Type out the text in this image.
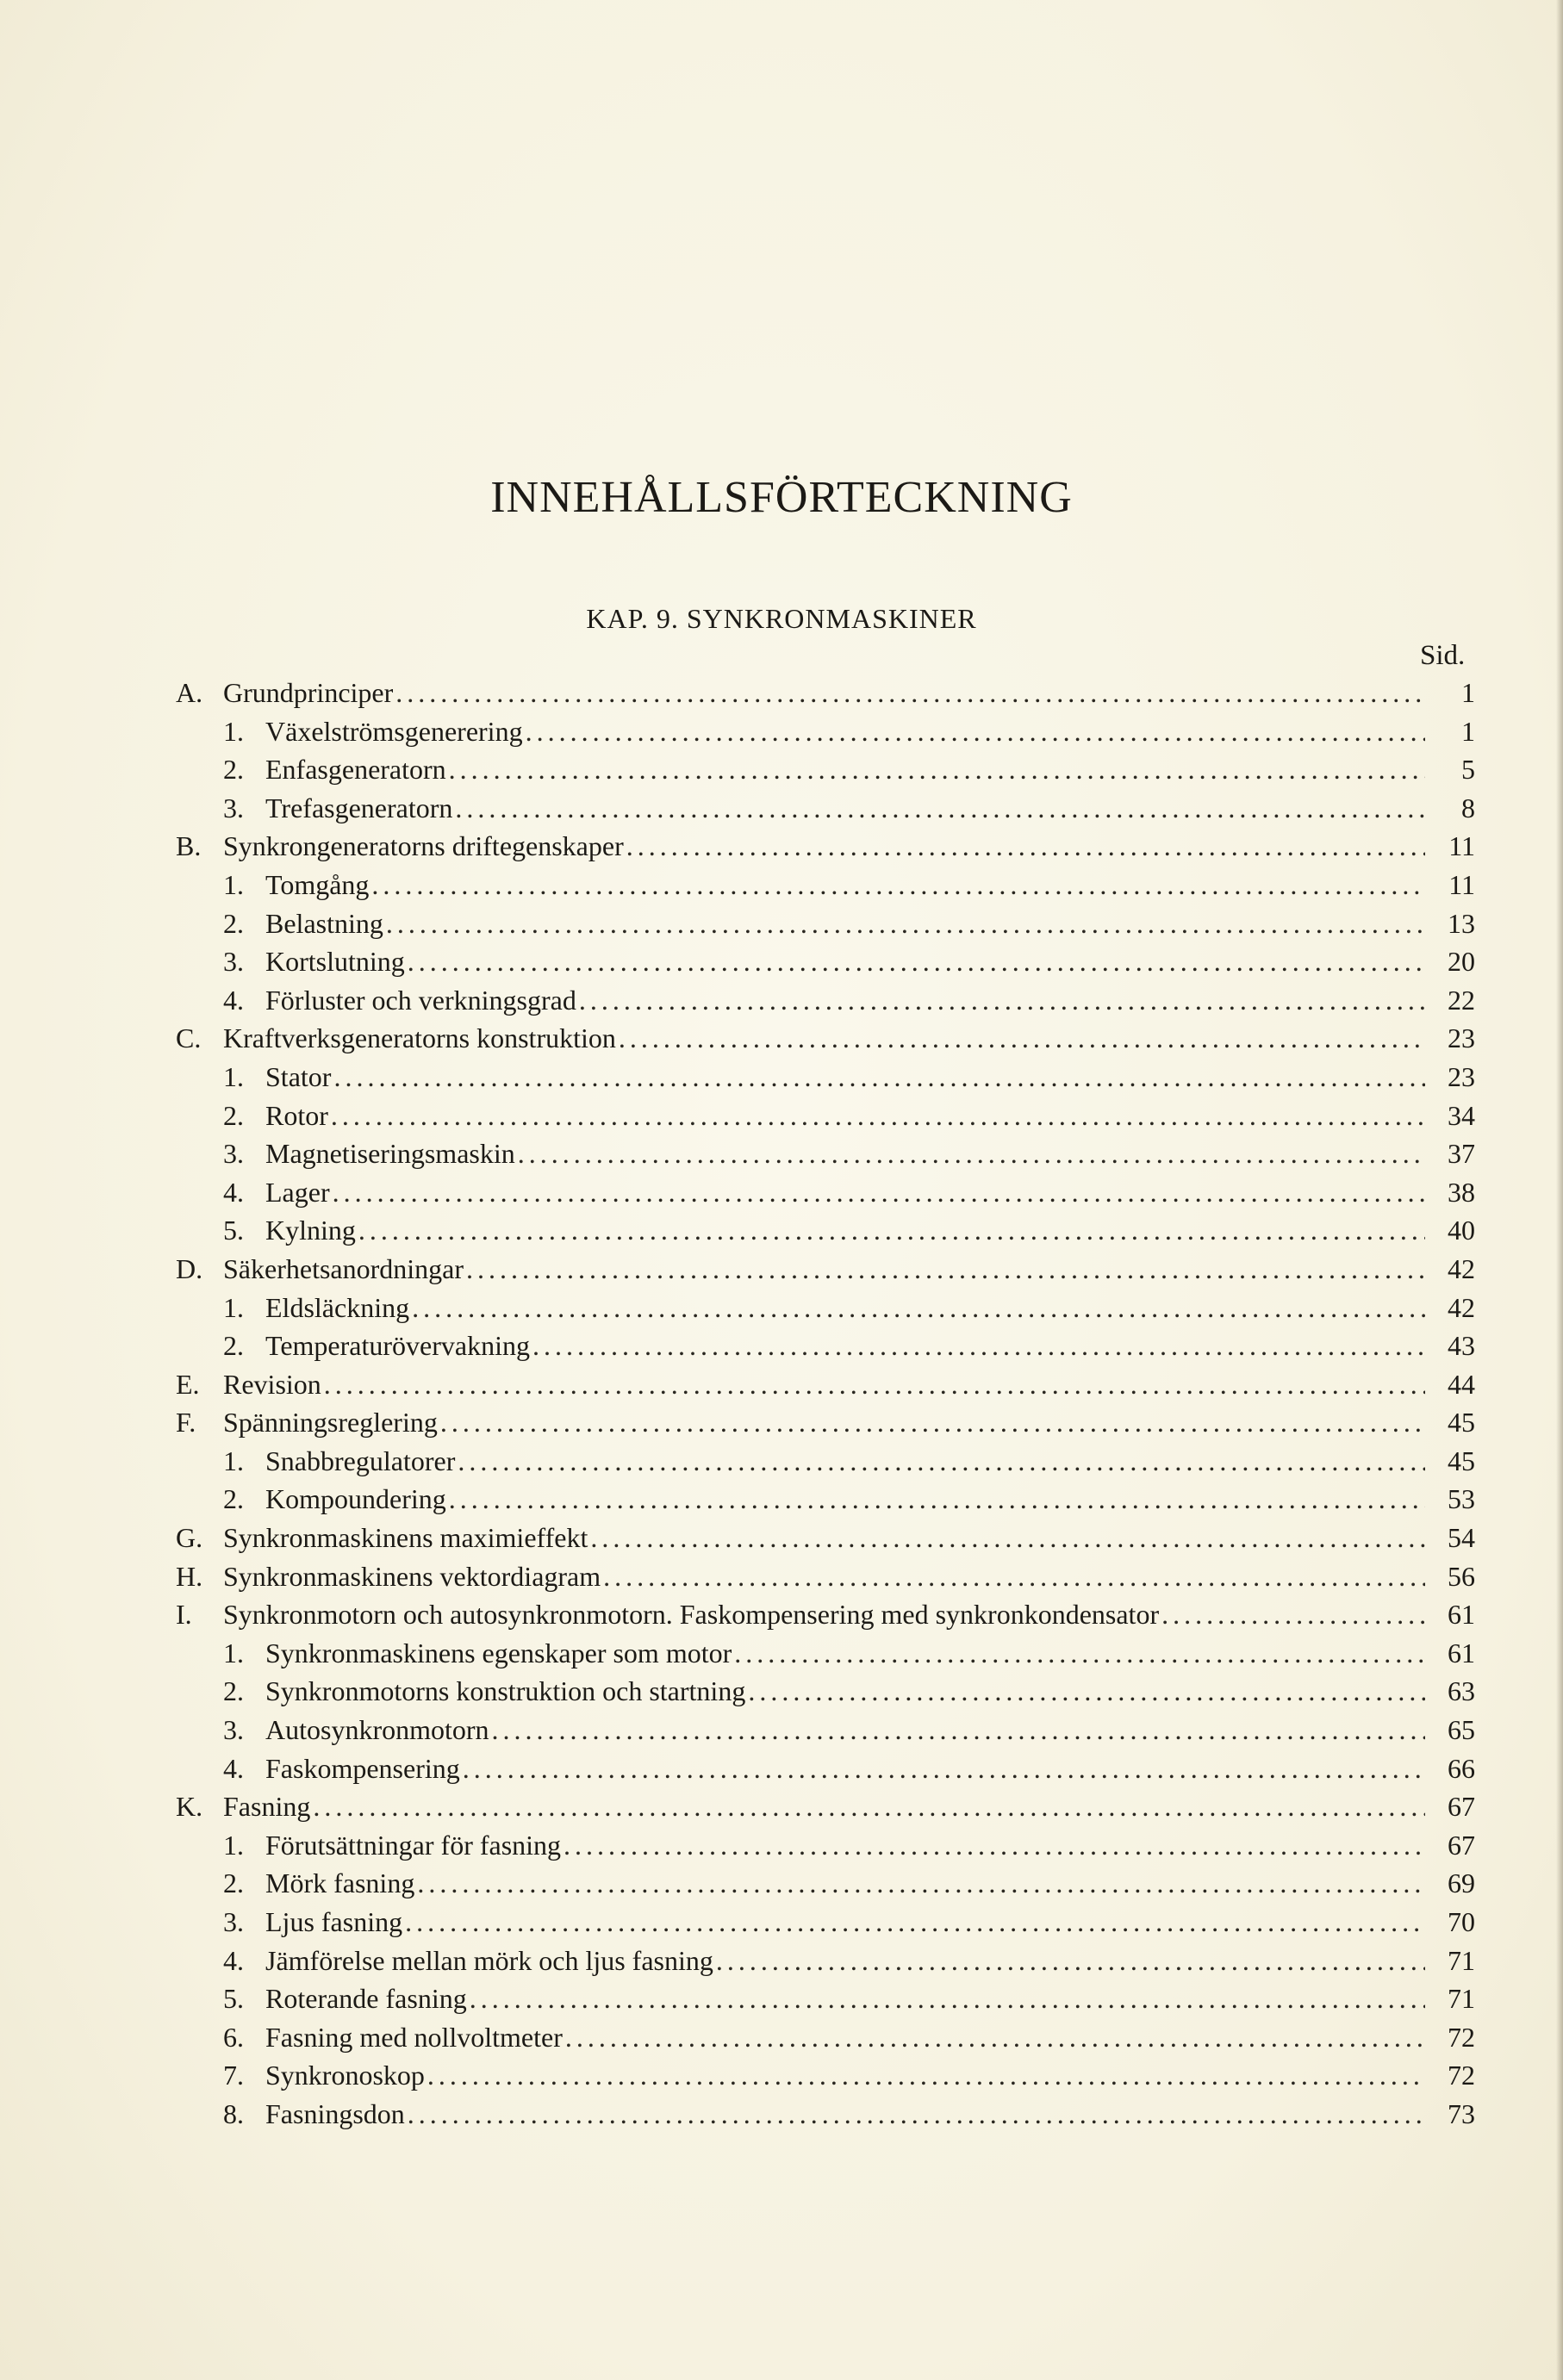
INNEHÅLLSFÖRTECKNING
KAP. 9. SYNKRONMASKINER
Sid.
A. Grundprinciper .....	1
1. Växelströmsgenerering .....	1
2. Enfasgeneratorn .....	5
3. Trefasgeneratorn .....	8
B. Synkrongeneratorns driftegenskaper .....	11
1. Tomgång .....	11
2. Belastning .....	13
3. Kortslutning .....	20
4. Förluster och verkningsgrad .....	22
C. Kraftverksgeneratorns konstruktion .....	23
1. Stator .....	23
2. Rotor .....	34
3. Magnetiseringsmaskin .....	37
4. Lager .....	38
5. Kylning .....	40
D. Säkerhetsanordningar .....	42
1. Eldsläckning .....	42
2. Temperaturövervakning .....	43
E. Revision .....	44
F. Spänningsreglering .....	45
1. Snabbregulatorer .....	45
2. Kompoundering .....	53
G. Synkronmaskinens maximieffekt .....	54
H. Synkronmaskinens vektordiagram .....	56
I. Synkronmotorn och autosynkronmotorn. Faskompensering med synkronkondensator .....	61
1. Synkronmaskinens egenskaper som motor .....	61
2. Synkronmotorns konstruktion och startning .....	63
3. Autosynkronmotorn .....	65
4. Faskompensering .....	66
K. Fasning .....	67
1. Förutsättningar för fasning .....	67
2. Mörk fasning .....	69
3. Ljus fasning .....	70
4. Jämförelse mellan mörk och ljus fasning .....	71
5. Roterande fasning .....	71
6. Fasning med nollvoltmeter .....	72
7. Synkronoskop .....	72
8. Fasningsdon .....	73
